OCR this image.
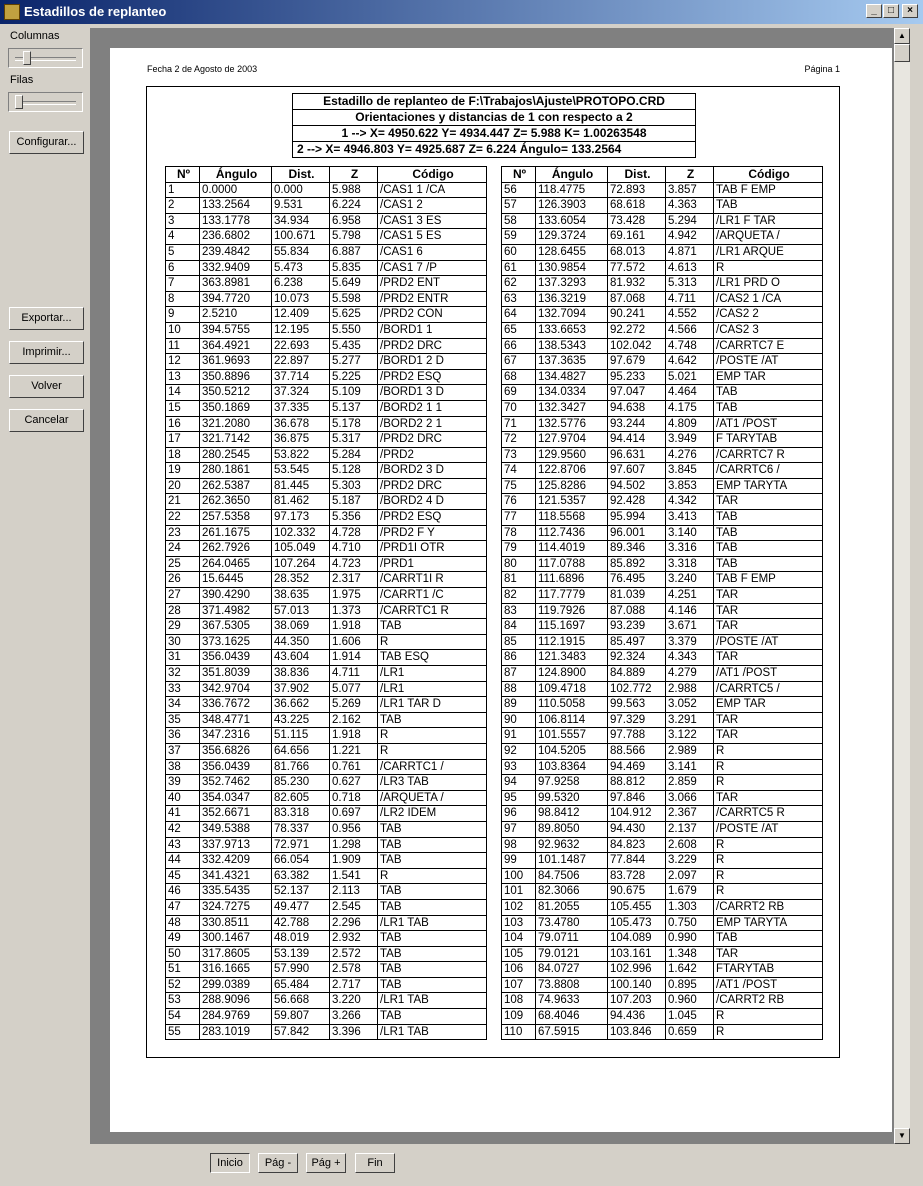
Estadillos de replanteo	_	□	×
Columnas
Filas
Configurar...
Exportar...
Imprimir...
Volver
Cancelar
▲
▼
Fecha 2 de Agosto de 2003	Página 1
Estadillo de replanteo de F:\Trabajos\Ajuste\PROTOPO.CRD
Orientaciones y distancias de 1 con respecto a 2
1 --> X= 4950.622 Y= 4934.447 Z= 5.988 K= 1.00263548
2 --> X= 4946.803 Y= 4925.687 Z= 6.224 Ángulo= 133.2564
Nº	Ángulo	Dist.	Z	Código
1	0.0000	0.000	5.988	/CAS1 1 /CA
2	133.2564	9.531	6.224	/CAS1 2
3	133.1778	34.934	6.958	/CAS1 3 ES
4	236.6802	100.671	5.798	/CAS1 5 ES
5	239.4842	55.834	6.887	/CAS1 6
6	332.9409	5.473	5.835	/CAS1 7 /P
7	363.8981	6.238	5.649	/PRD2 ENT
8	394.7720	10.073	5.598	/PRD2 ENTR
9	2.5210	12.409	5.625	/PRD2 CON
10	394.5755	12.195	5.550	/BORD1 1
11	364.4921	22.693	5.435	/PRD2 DRC
12	361.9693	22.897	5.277	/BORD1 2 D
13	350.8896	37.714	5.225	/PRD2 ESQ
14	350.5212	37.324	5.109	/BORD1 3 D
15	350.1869	37.335	5.137	/BORD2 1 1
16	321.2080	36.678	5.178	/BORD2 2 1
17	321.7142	36.875	5.317	/PRD2 DRC
18	280.2545	53.822	5.284	/PRD2
19	280.1861	53.545	5.128	/BORD2 3 D
20	262.5387	81.445	5.303	/PRD2 DRC
21	262.3650	81.462	5.187	/BORD2 4 D
22	257.5358	97.173	5.356	/PRD2 ESQ
23	261.1675	102.332	4.728	/PRD2 F Y
24	262.7926	105.049	4.710	/PRD1I OTR
25	264.0465	107.264	4.723	/PRD1
26	15.6445	28.352	2.317	/CARRT1I R
27	390.4290	38.635	1.975	/CARRT1 /C
28	371.4982	57.013	1.373	/CARRTC1 R
29	367.5305	38.069	1.918	TAB
30	373.1625	44.350	1.606	R
31	356.0439	43.604	1.914	TAB ESQ
32	351.8039	38.836	4.711	/LR1
33	342.9704	37.902	5.077	/LR1
34	336.7672	36.662	5.269	/LR1 TAR D
35	348.4771	43.225	2.162	TAB
36	347.2316	51.115	1.918	R
37	356.6826	64.656	1.221	R
38	356.0439	81.766	0.761	/CARRTC1 /
39	352.7462	85.230	0.627	/LR3 TAB
40	354.0347	82.605	0.718	/ARQUETA /
41	352.6671	83.318	0.697	/LR2 IDEM
42	349.5388	78.337	0.956	TAB
43	337.9713	72.971	1.298	TAB
44	332.4209	66.054	1.909	TAB
45	341.4321	63.382	1.541	R
46	335.5435	52.137	2.113	TAB
47	324.7275	49.477	2.545	TAB
48	330.8511	42.788	2.296	/LR1 TAB
49	300.1467	48.019	2.932	TAB
50	317.8605	53.139	2.572	TAB
51	316.1665	57.990	2.578	TAB
52	299.0389	65.484	2.717	TAB
53	288.9096	56.668	3.220	/LR1 TAB
54	284.9769	59.807	3.266	TAB
55	283.1019	57.842	3.396	/LR1 TAB
Nº	Ángulo	Dist.	Z	Código
56	118.4775	72.893	3.857	TAB F EMP
57	126.3903	68.618	4.363	TAB
58	133.6054	73.428	5.294	/LR1 F TAR
59	129.3724	69.161	4.942	/ARQUETA /
60	128.6455	68.013	4.871	/LR1 ARQUE
61	130.9854	77.572	4.613	R
62	137.3293	81.932	5.313	/LR1 PRD O
63	136.3219	87.068	4.711	/CAS2 1 /CA
64	132.7094	90.241	4.552	/CAS2 2
65	133.6653	92.272	4.566	/CAS2 3
66	138.5343	102.042	4.748	/CARRTC7 E
67	137.3635	97.679	4.642	/POSTE /AT
68	134.4827	95.233	5.021	EMP TAR
69	134.0334	97.047	4.464	TAB
70	132.3427	94.638	4.175	TAB
71	132.5776	93.244	4.809	/AT1 /POST
72	127.9704	94.414	3.949	F TARYTAB
73	129.9560	96.631	4.276	/CARRTC7 R
74	122.8706	97.607	3.845	/CARRTC6 /
75	125.8286	94.502	3.853	EMP TARYTA
76	121.5357	92.428	4.342	TAR
77	118.5568	95.994	3.413	TAB
78	112.7436	96.001	3.140	TAB
79	114.4019	89.346	3.316	TAB
80	117.0788	85.892	3.318	TAB
81	111.6896	76.495	3.240	TAB F EMP
82	117.7779	81.039	4.251	TAR
83	119.7926	87.088	4.146	TAR
84	115.1697	93.239	3.671	TAR
85	112.1915	85.497	3.379	/POSTE /AT
86	121.3483	92.324	4.343	TAR
87	124.8900	84.889	4.279	/AT1 /POST
88	109.4718	102.772	2.988	/CARRTC5 /
89	110.5058	99.563	3.052	EMP TAR
90	106.8114	97.329	3.291	TAR
91	101.5557	97.788	3.122	TAR
92	104.5205	88.566	2.989	R
93	103.8364	94.469	3.141	R
94	97.9258	88.812	2.859	R
95	99.5320	97.846	3.066	TAR
96	98.8412	104.912	2.367	/CARRTC5 R
97	89.8050	94.430	2.137	/POSTE /AT
98	92.9632	84.823	2.608	R
99	101.1487	77.844	3.229	R
100	84.7506	83.728	2.097	R
101	82.3066	90.675	1.679	R
102	81.2055	105.455	1.303	/CARRT2 RB
103	73.4780	105.473	0.750	EMP TARYTA
104	79.0711	104.089	0.990	TAB
105	79.0121	103.161	1.348	TAR
106	84.0727	102.996	1.642	FTARYTAB
107	73.8808	100.140	0.895	/AT1 /POST
108	74.9633	107.203	0.960	/CARRT2 RB
109	68.4046	94.436	1.045	R
110	67.5915	103.846	0.659	R
Inicio	Pág -	Pág +	Fin
